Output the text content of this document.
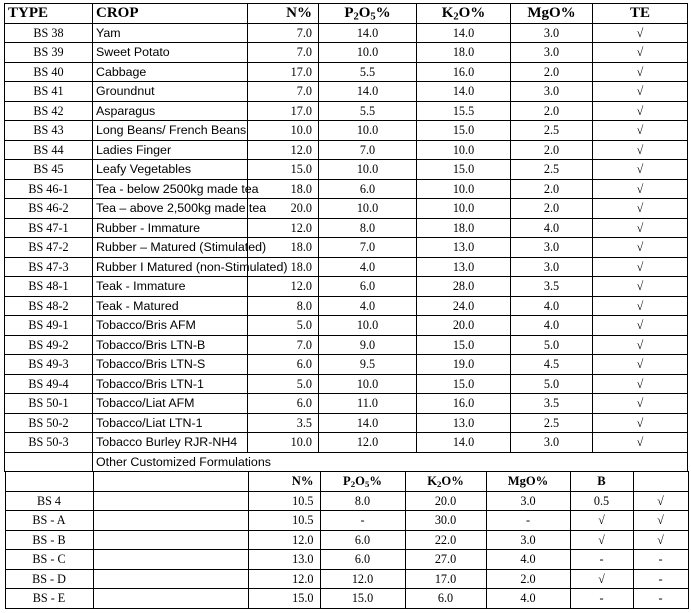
TYPE	CROP	N%	$P_2O_5\%$	$K_2O\%$	MgO%	TE
BS 38	Yam	7.0	14.0	14.0	3.0	√
BS 39	Sweet Potato	7.0	10.0	18.0	3.0	√
BS 40	Cabbage	17.0	5.5	16.0	2.0	√
BS 41	Groundnut	7.0	14.0	14.0	3.0	√
BS 42	Asparagus	17.0	5.5	15.5	2.0	√
BS 43	Long Beans/ French Beans	10.0	10.0	15.0	2.5	√
BS 44	Ladies Finger	12.0	7.0	10.0	2.0	√
BS 45	Leafy Vegetables	15.0	10.0	15.0	2.5	√
BS 46-1	Tea - below 2500kg made tea	18.0	6.0	10.0	2.0	√
BS 46-2	Tea – above 2,500kg made tea	20.0	10.0	10.0	2.0	√
BS 47-1	Rubber - Immature	12.0	8.0	18.0	4.0	√
BS 47-2	Rubber – Matured (Stimulated)	18.0	7.0	13.0	3.0	√
BS 47-3	Rubber I Matured (non-Stimulated)	18.0	4.0	13.0	3.0	√
BS 48-1	Teak - Immature	12.0	6.0	28.0	3.5	√
BS 48-2	Teak - Matured	8.0	4.0	24.0	4.0	√
BS 49-1	Tobacco/Bris AFM	5.0	10.0	20.0	4.0	√
BS 49-2	Tobacco/Bris LTN-B	7.0	9.0	15.0	5.0	√
BS 49-3	Tobacco/Bris LTN-S	6.0	9.5	19.0	4.5	√
BS 49-4	Tobacco/Bris LTN-1	5.0	10.0	15.0	5.0	√
BS 50-1	Tobacco/Liat AFM	6.0	11.0	16.0	3.5	√
BS 50-2	Tobacco/Liat LTN-1	3.5	14.0	13.0	2.5	√
BS 50-3	Tobacco Burley RJR-NH4	10.0	12.0	14.0	3.0	√
	Other Customized Formulations

		N%	$P_2O_5\%$	$K_2O\%$	MgO%	B	
BS 4		10.5	8.0	20.0	3.0	0.5	√
BS - A		10.5	-	30.0	-	√	√
BS - B		12.0	6.0	22.0	3.0	√	√
BS - C		13.0	6.0	27.0	4.0	-	-
BS - D		12.0	12.0	17.0	2.0	√	-
BS - E		15.0	15.0	6.0	4.0	-	-
